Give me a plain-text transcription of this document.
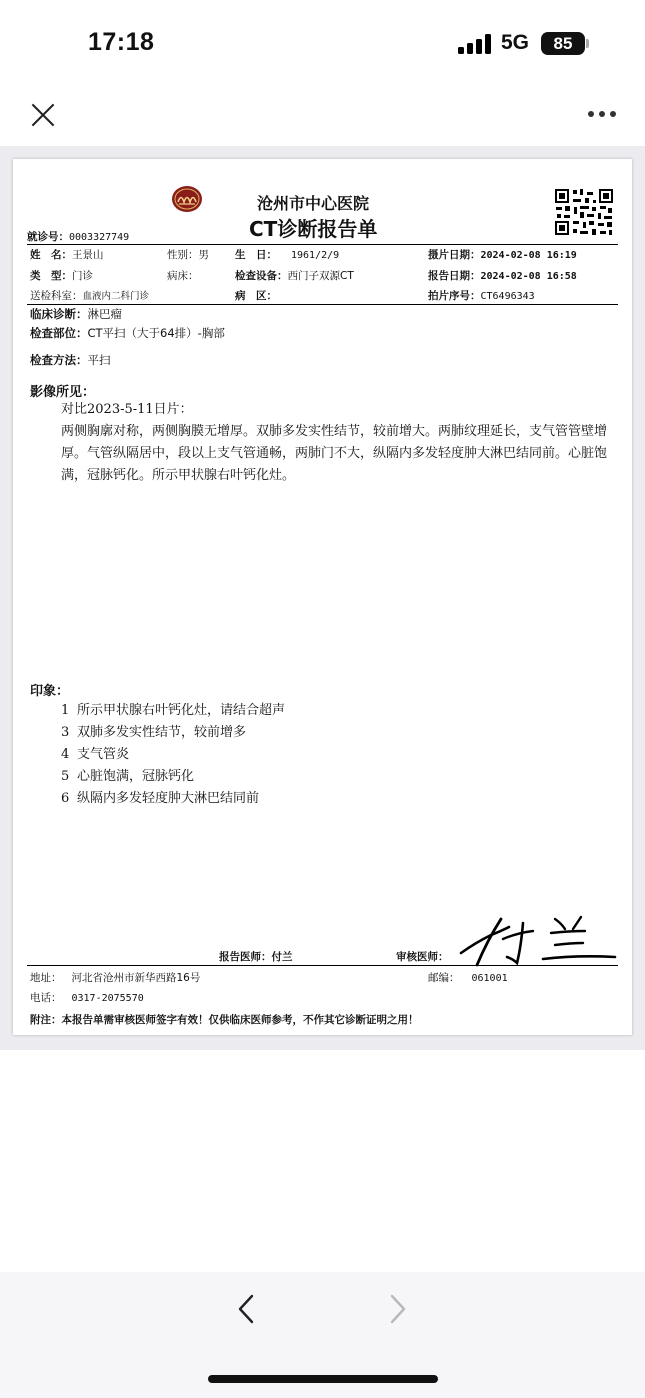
17:18	5G	85
沧州市中心医院
CT诊断报告单
就诊号：0003327749
姓　名：王景山	性别：男 生　日： 1961/2/9	摄片日期：2024-02-08 16:19
类　型：门诊	病床：	检查设备：西门子双源CT	报告日期：2024-02-08 16:58
送检科室：血液内二科门诊	病　区：	拍片序号：CT6496343
临床诊断：淋巴瘤
检查部位：CT平扫（大于64排）-胸部
检查方法：平扫
影像所见：
对比2023-5-11日片：
两侧胸廓对称，两侧胸膜无增厚。双肺多发实性结节，较前增大。两肺纹理延长，支气管管壁增厚。气管纵隔居中，段以上支气管通畅，两肺门不大，纵隔内多发轻度肿大淋巴结同前。心脏饱满，冠脉钙化。所示甲状腺右叶钙化灶。
印象：
1 所示甲状腺右叶钙化灶，请结合超声
3 双肺多发实性结节，较前增多
4 支气管炎
5 心脏饱满，冠脉钙化
6 纵隔内多发轻度肿大淋巴结同前
报告医师：付兰	审核医师：
地址： 河北省沧州市新华西路16号	邮编： 061001
电话： 0317-2075570
附注：本报告单需审核医师签字有效！仅供临床医师参考，不作其它诊断证明之用！
